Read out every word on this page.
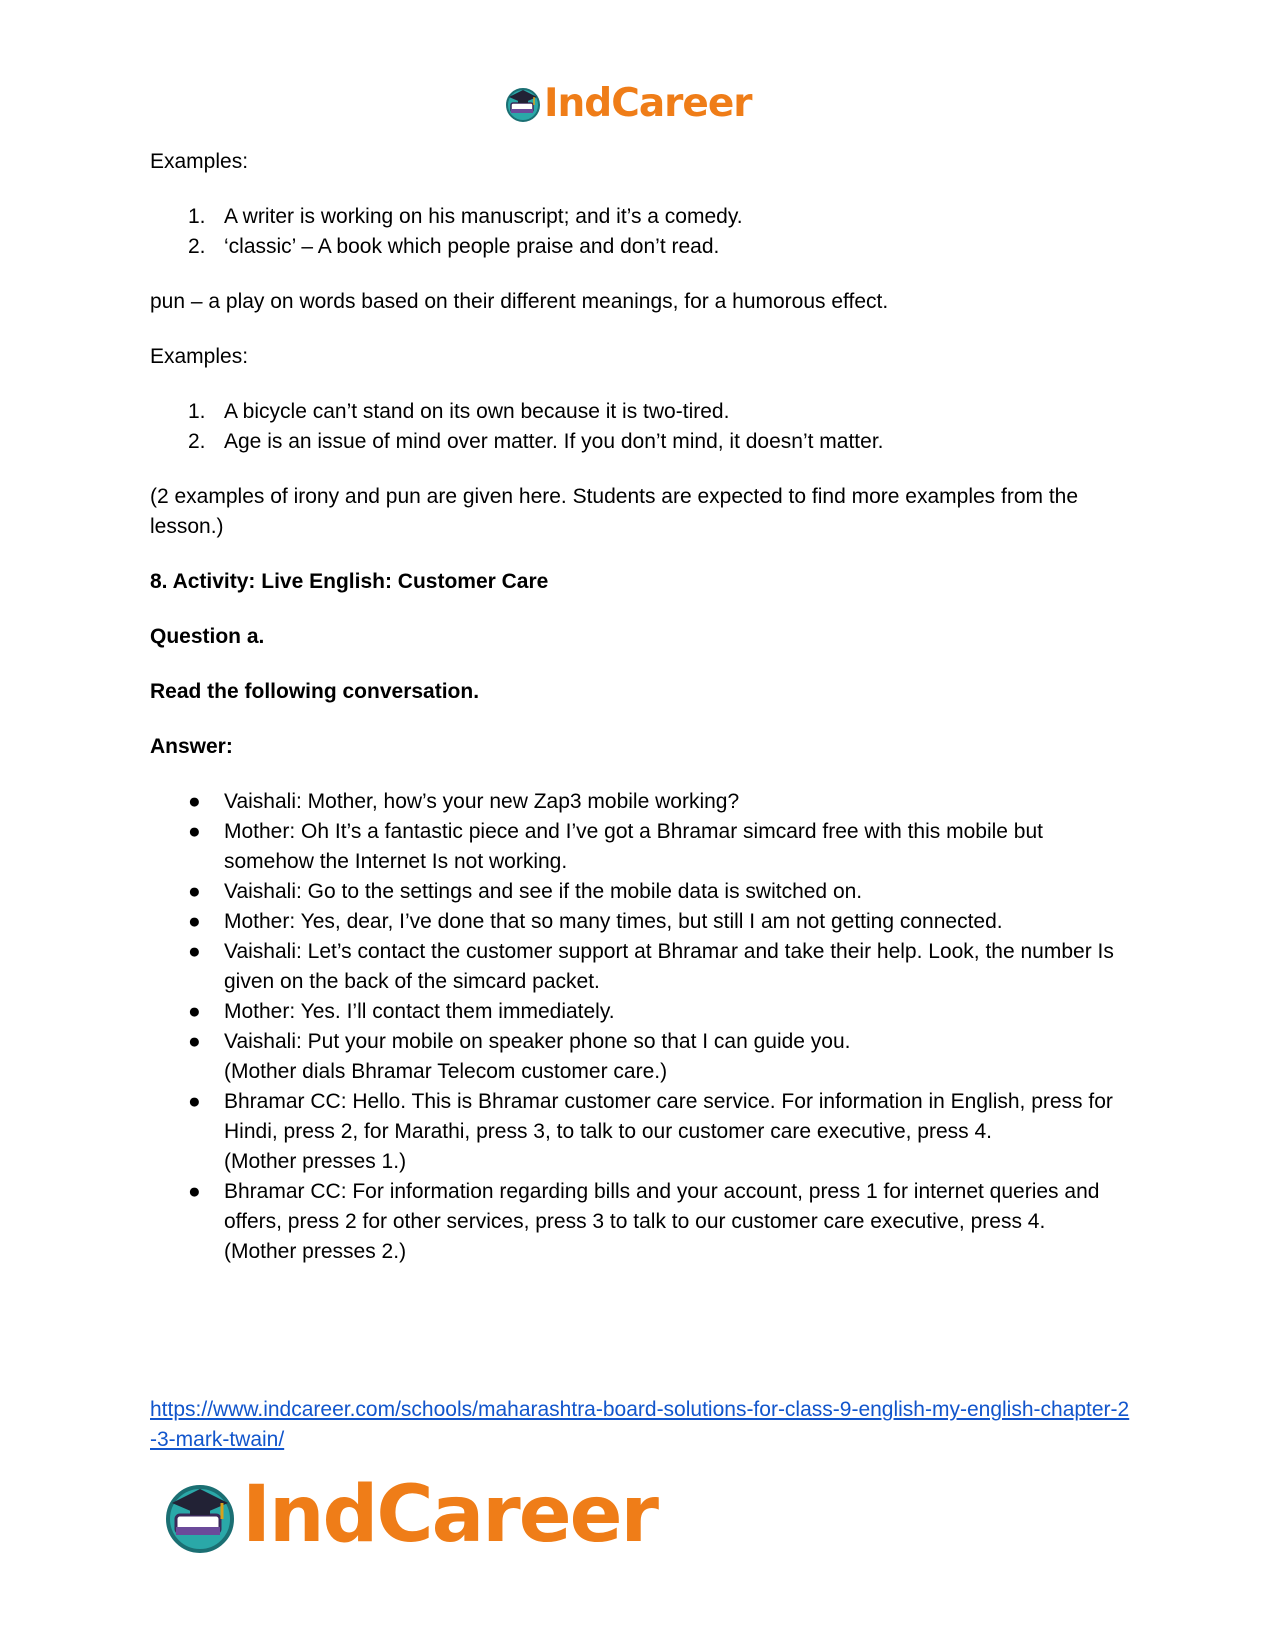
IndCareer

Examples:

1. A writer is working on his manuscript; and it’s a comedy.
2. ‘classic’ – A book which people praise and don’t read.

pun – a play on words based on their different meanings, for a humorous effect.

Examples:

1. A bicycle can’t stand on its own because it is two-tired.
2. Age is an issue of mind over matter. If you don’t mind, it doesn’t matter.

(2 examples of irony and pun are given here. Students are expected to find more examples from the lesson.)

8. Activity: Live English: Customer Care

Question a.

Read the following conversation.

Answer:

● Vaishali: Mother, how’s your new Zap3 mobile working?
● Mother: Oh It’s a fantastic piece and I’ve got a Bhramar simcard free with this mobile but somehow the Internet Is not working.
● Vaishali: Go to the settings and see if the mobile data is switched on.
● Mother: Yes, dear, I’ve done that so many times, but still I am not getting connected.
● Vaishali: Let’s contact the customer support at Bhramar and take their help. Look, the number Is given on the back of the simcard packet.
● Mother: Yes. I’ll contact them immediately.
● Vaishali: Put your mobile on speaker phone so that I can guide you.
(Mother dials Bhramar Telecom customer care.)
● Bhramar CC: Hello. This is Bhramar customer care service. For information in English, press for Hindi, press 2, for Marathi, press 3, to talk to our customer care executive, press 4.
(Mother presses 1.)
● Bhramar CC: For information regarding bills and your account, press 1 for internet queries and offers, press 2 for other services, press 3 to talk to our customer care executive, press 4.
(Mother presses 2.)
https://www.indcareer.com/schools/maharashtra-board-solutions-for-class-9-english-my-english-chapter-2-3-mark-twain/
IndCareer
